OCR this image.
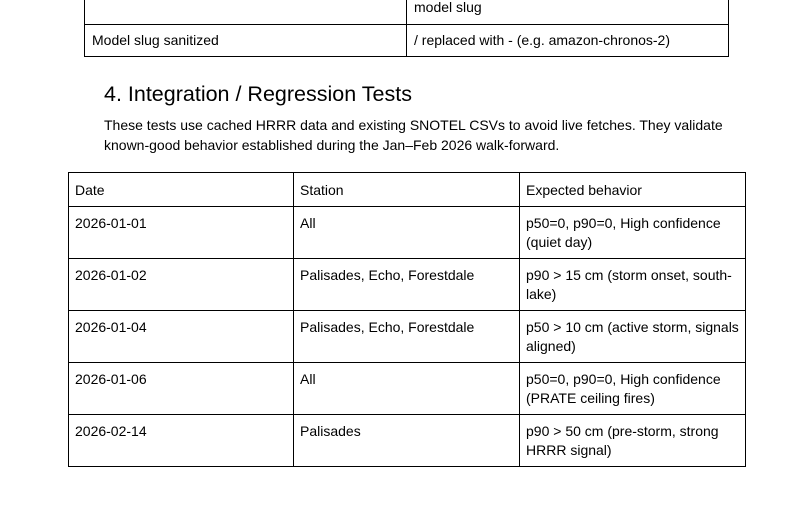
	model slug
Model slug sanitized	/ replaced with - (e.g. amazon-chronos-2)
4. Integration / Regression Tests

These tests use cached HRRR data and existing SNOTEL CSVs to avoid live fetches. They validate known-good behavior established during the Jan–Feb 2026 walk-forward.

Date	Station	Expected behavior
2026-01-01	All	p50=0, p90=0, High confidence (quiet day)
2026-01-02	Palisades, Echo, Forestdale	p90 > 15 cm (storm onset, south-lake)
2026-01-04	Palisades, Echo, Forestdale	p50 > 10 cm (active storm, signals aligned)
2026-01-06	All	p50=0, p90=0, High confidence (PRATE ceiling fires)
2026-02-14	Palisades	p90 > 50 cm (pre-storm, strong HRRR signal)
